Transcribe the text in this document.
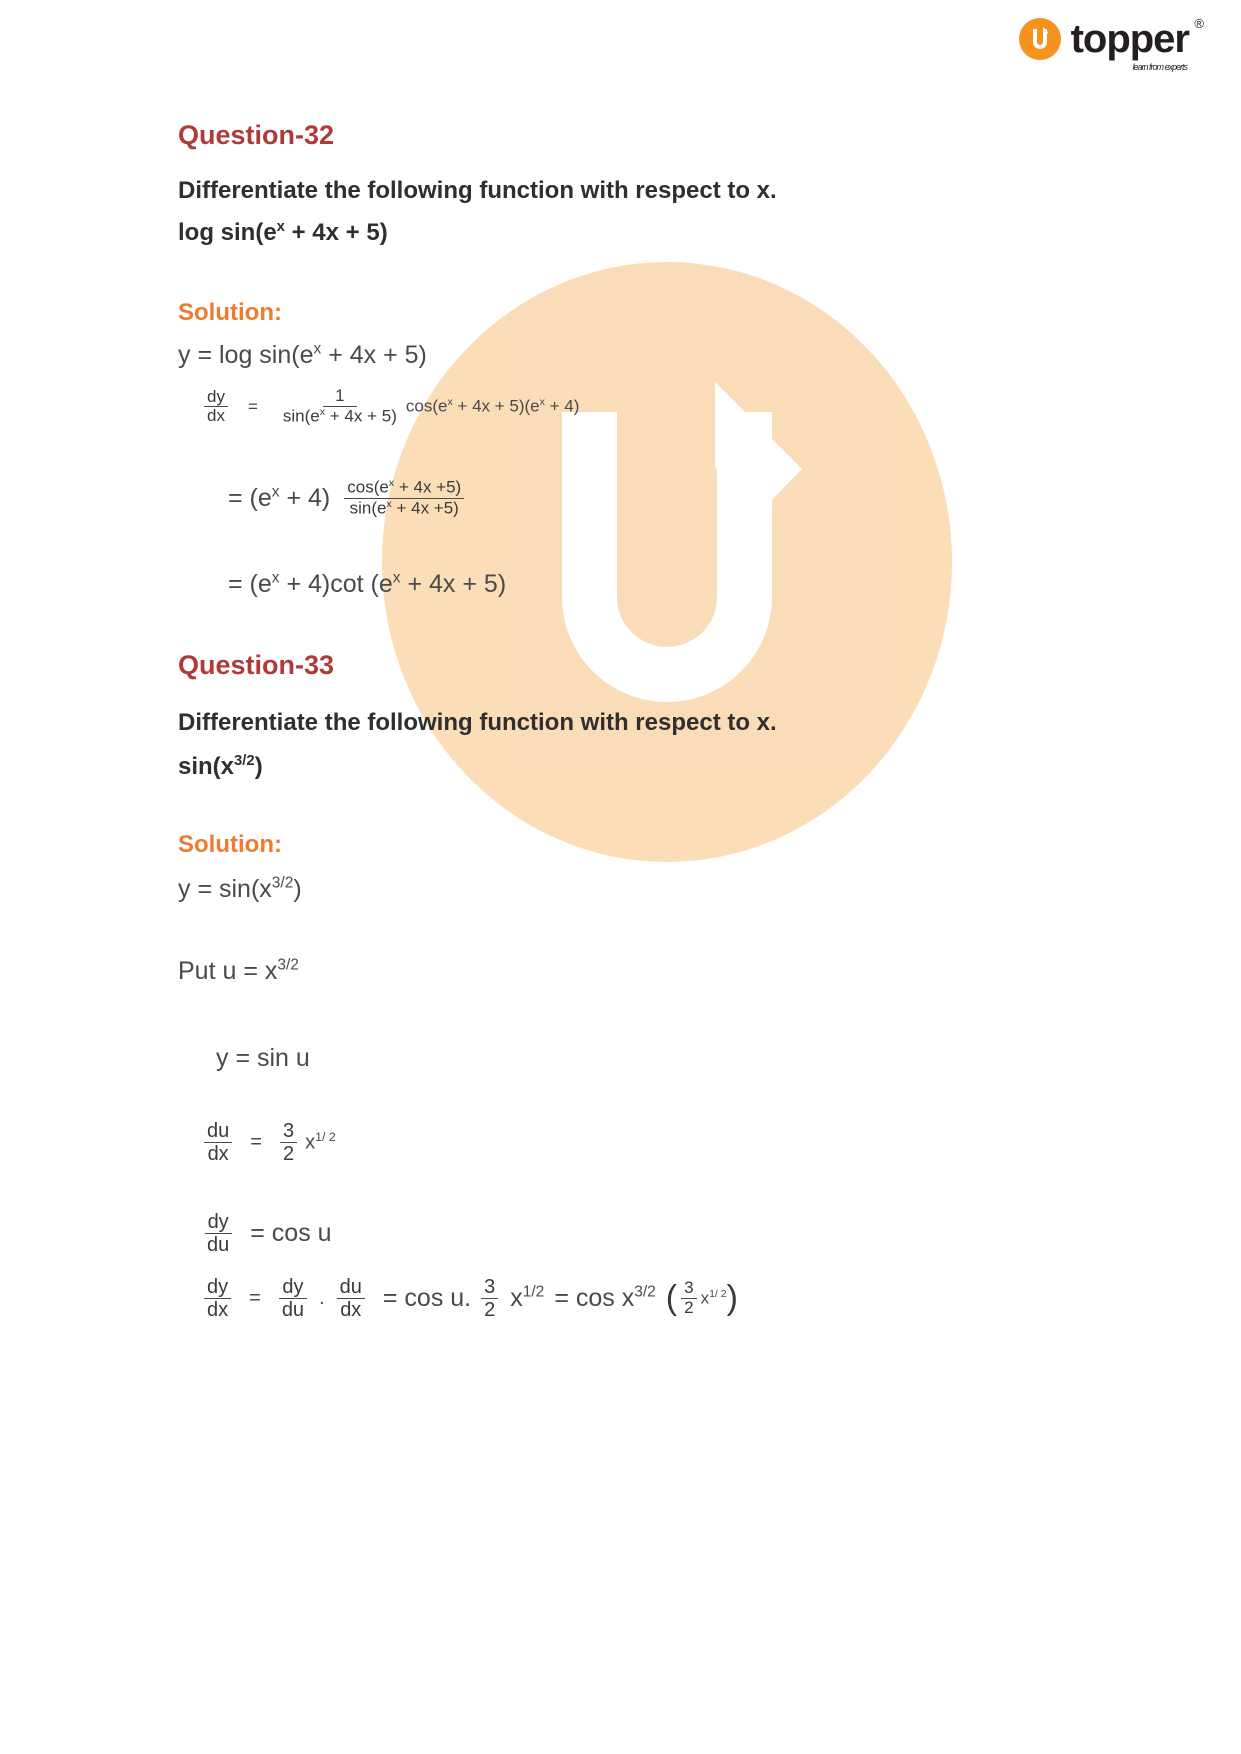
topper ®
learn from experts
Question-32
Differentiate the following function with respect to x.
$\log \sin(e^x + 4x + 5)$
Solution:
$y = \log \sin(e^x + 4x + 5)$
$\frac{dy}{dx} = \frac{1}{\sin(e^x + 4x + 5)} \cos(e^x + 4x + 5)(e^x + 4)$
= $(e^x + 4) \frac{\cos(e^x + 4x +5)}{\sin(e^x + 4x +5)}$
= $(e^x + 4)\cot$ $(e^x + 4x + 5)$
Question-33
Differentiate the following function with respect to x.
$\sin(x^{3/2})$
Solution:
$y = \sin(x^{3/2})$
Put $u = x^{3/2}$
y = sin u
$\frac{du}{dx} = \frac{3}{2} x^{1/ 2}$
$\frac{dy}{du} = \cos u$
$\frac{dy}{dx} = \frac{dy}{du}$ . $\frac{du}{dx} = \cos u$. $\frac{3}{2} x^{1/2} = \cos x^{3/2}$ ( $\frac{3}{2} x^{1/ 2}$ )
